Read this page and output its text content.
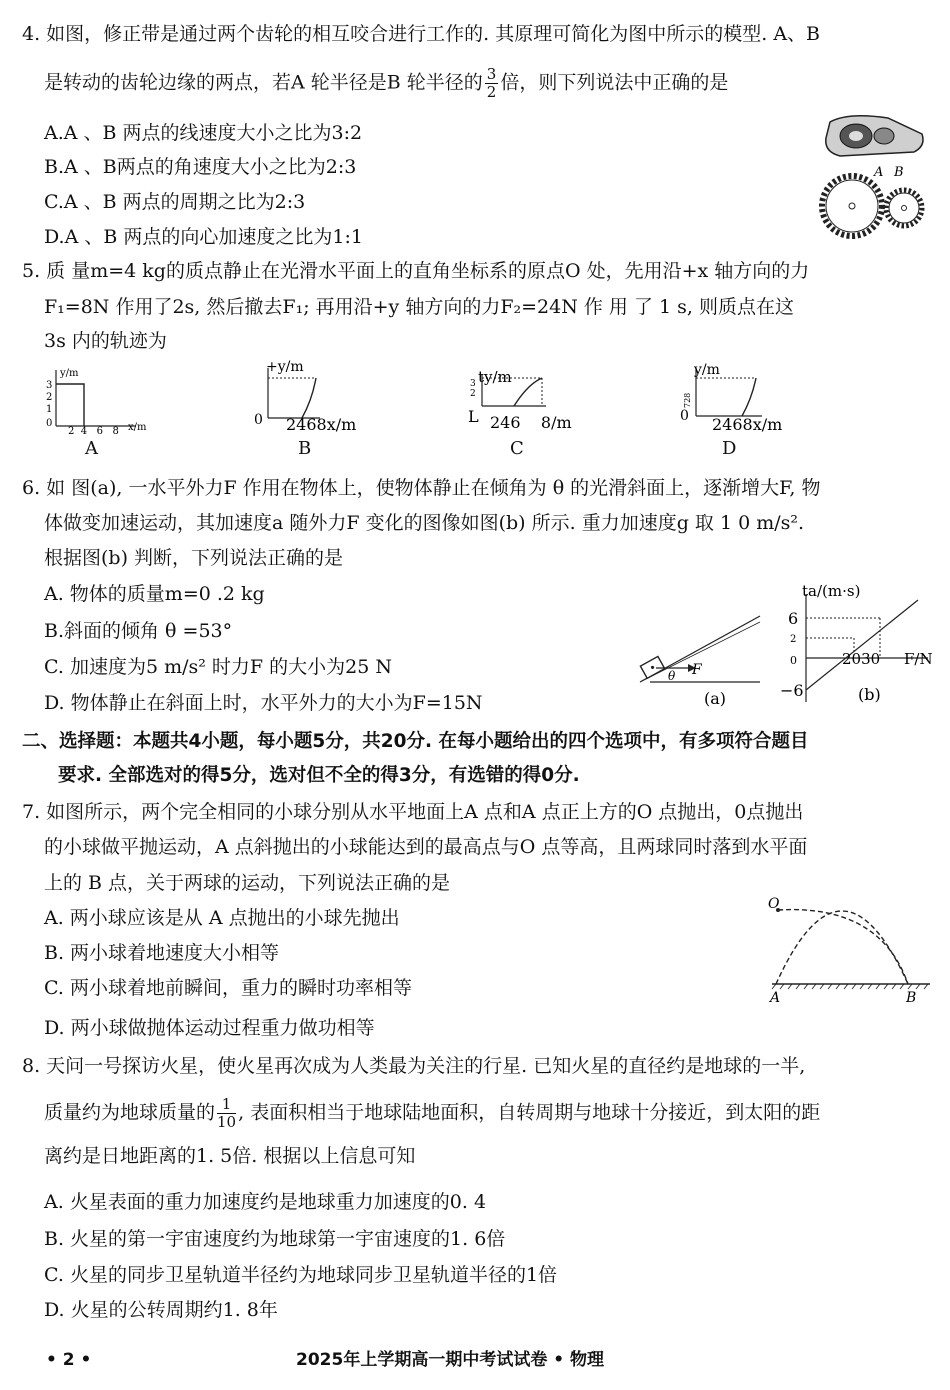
4. 如图，修正带是通过两个齿轮的相互咬合进行工作的. 其原理可简化为图中所示的模型. A、B
是转动的齿轮边缘的两点，若A 轮半径是B 轮半径的 $\frac{3}{2}$ 倍，则下列说法中正确的是
A.A 、B 两点的线速度大小之比为3:2
B.A 、B两点的角速度大小之比为2:3
C.A 、B 两点的周期之比为2:3
D.A 、B 两点的向心加速度之比为1:1
A B
5. 质 量m=4 kg的质点静止在光滑水平面上的直角坐标系的原点O 处，先用沿+x 轴方向的力
F₁=8N 作用了2s, 然后撤去F₁; 再用沿+y 轴方向的力F₂=24N 作 用 了 1 s, 则质点在这
3s 内的轨迹为
y/m
3
2
1
0
2  4   6   8 x/m
A
+y/m
0 2468x/m
B
ty/m
3
2
L 246    8/m
C
y/m
0
728
2468x/m
D
6. 如 图(a), 一水平外力F 作用在物体上，使物体静止在倾角为 θ 的光滑斜面上，逐渐增大F, 物
体做变加速运动，其加速度a 随外力F 变化的图像如图(b) 所示. 重力加速度g 取 1 0 m/s².
根据图(b) 判断，下列说法正确的是
A. 物体的质量m=0 .2 kg
B.斜面的倾角 θ =53°
C. 加速度为5 m/s² 时力F 的大小为25 N
D. 物体静止在斜面上时，水平外力的大小为F=15N
F
θ
(a)
ta/(m·s)
6
2
0
−6
2030 F/N
(b)
二、选择题：本题共4小题，每小题5分，共20分. 在每小题给出的四个选项中，有多项符合题目
要求. 全部选对的得5分，选对但不全的得3分，有选错的得0分.
7. 如图所示，两个完全相同的小球分别从水平地面上A 点和A 点正上方的O 点抛出，0点抛出
的小球做平抛运动，A 点斜抛出的小球能达到的最高点与O 点等高，且两球同时落到水平面
上的 B 点，关于两球的运动，下列说法正确的是
A. 两小球应该是从 A 点抛出的小球先抛出
B. 两小球着地速度大小相等
C. 两小球着地前瞬间，重力的瞬时功率相等
D. 两小球做抛体运动过程重力做功相等
O
A	B
8. 天问一号探访火星，使火星再次成为人类最为关注的行星. 已知火星的直径约是地球的一半,
质量约为地球质量的 $\frac{1}{10}$ , 表面积相当于地球陆地面积，自转周期与地球十分接近，到太阳的距
离约是日地距离的1. 5倍. 根据以上信息可知
A. 火星表面的重力加速度约是地球重力加速度的0. 4
B. 火星的第一宇宙速度约为地球第一宇宙速度的1. 6倍
C. 火星的同步卫星轨道半径约为地球同步卫星轨道半径的1倍
D. 火星的公转周期约1. 8年
• 2 •	2025年上学期高一期中考试试卷 • 物理
